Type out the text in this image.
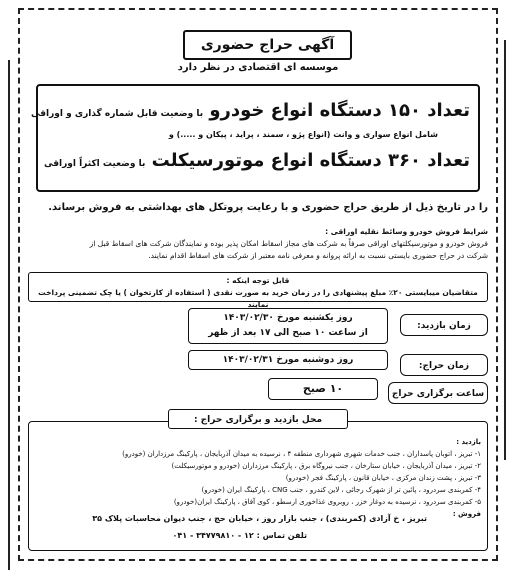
آگهی حراج حضوری
موسسه ای اقتصادی در نظر دارد
تعداد ۱۵۰ دستگاه انواع خودرو با وضعیت قابل شماره گذاری و اوراقی
شامل انواع سواری و وانت (انواع پژو ، سمند ، پراید ، پیکان و .....) و
تعداد ۳۶۰ دستگاه انواع موتورسیکلت با وضعیت اکثراً اوراقی
را در تاریخ ذیل از طریق حراج حضوری و با رعایت پروتکل های بهداشتی به فروش برساند.
شرایط فروش خودرو وسائط نقلیه اوراقی :
فروش خودرو و موتورسیکلتهای اوراقی صرفاً به شرکت های مجاز اسقاط امکان پذیر بوده و نمایندگان شرکت های اسقاط قبل از
شرکت در حراج حضوری بایستی نسبت به ارائه پروانه و معرفی نامه معتبر از شرکت های اسقاط اقدام نمایند.
قابل توجه اینکه :
متقاضیان میبایستی ۲۰٪ مبلغ پیشنهادی را در زمان خرید به صورت نقدی ( استفاده از کارتخوان ) یا چک تضمینی پرداخت نمایند
زمان بازدید:
روز یکشنبه مورخ ۱۴۰۳/۰۲/۳۰
از ساعت ۱۰ صبح الی ۱۷ بعد از ظهر
زمان حراج:
روز دوشنبه مورخ ۱۴۰۳/۰۲/۳۱
ساعت برگزاری حراج
۱۰ صبح
بازدید :
۱- تبریز ، اتوبان پاسداران ، جنب خدمات شهری شهرداری منطقه ۴ ، نرسیده به میدان آذربایجان ، پارکینگ مرزداران (خودرو)
۲- تبریز ، میدان آذربایجان ، خیابان ستارخان ، جنب نیروگاه برق ، پارکینگ مرزداران (خودرو و موتورسیکلت)
۳- تبریز ، پشت زندان مرکزی ، خیابان قانون ، پارکینگ فجر (خودرو)
۴- کمربندی سردرود ، پائین تر از شهرک رجائی ، لاین کندرو ، جنب CNG ، پارکینگ ایران (خودرو)
۵- کمربندی سردرود ، نرسیده به دوغار خزر ، روبروی غذاخوری ارسطو ، کوی آفاق ، پارکینگ ایران(خودرو)
فروش :
تبریز ، خ آزادی (کمربندی) ، جنب بازار روز ، خیابان حج ، جنب دیوان محاسبات پلاک ۳۵
تلفن تماس : ۱۲ - ۳۴۷۷۹۸۱۰ - ۰۴۱
محل بازدید و برگزاری حراج :
